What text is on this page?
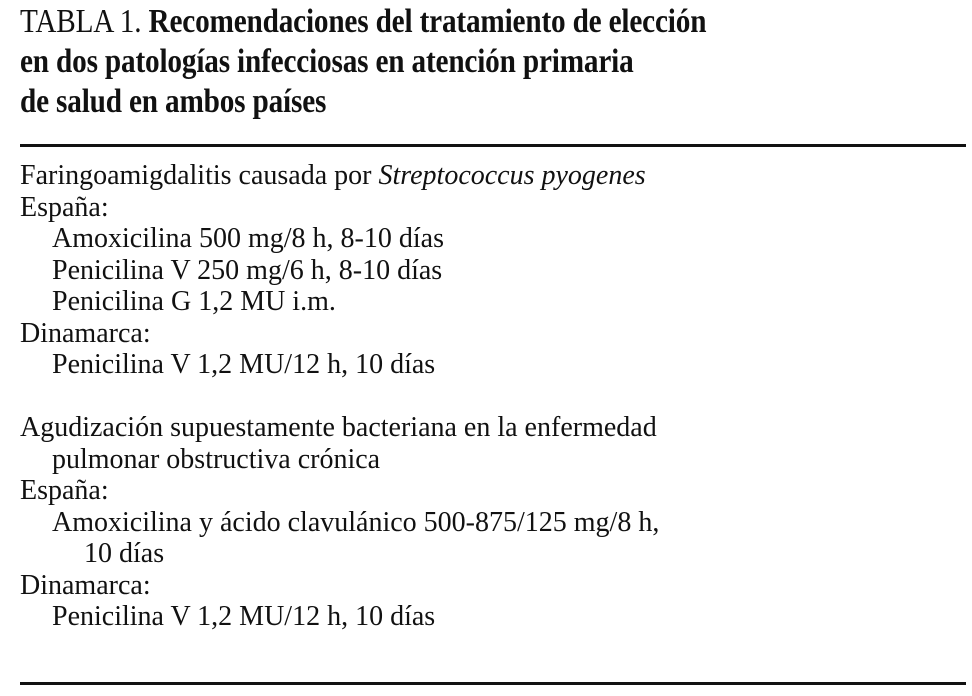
TABLA 1. Recomendaciones del tratamiento de elección
en dos patologías infecciosas en atención primaria
de salud en ambos países
Faringoamigdalitis causada por Streptococcus pyogenes
España:
Amoxicilina 500 mg/8 h, 8-10 días
Penicilina V 250 mg/6 h, 8-10 días
Penicilina G 1,2 MU i.m.
Dinamarca:
Penicilina V 1,2 MU/12 h, 10 días
Agudización supuestamente bacteriana en la enfermedad
pulmonar obstructiva crónica
España:
Amoxicilina y ácido clavulánico 500-875/125 mg/8 h,
10 días
Dinamarca:
Penicilina V 1,2 MU/12 h, 10 días
